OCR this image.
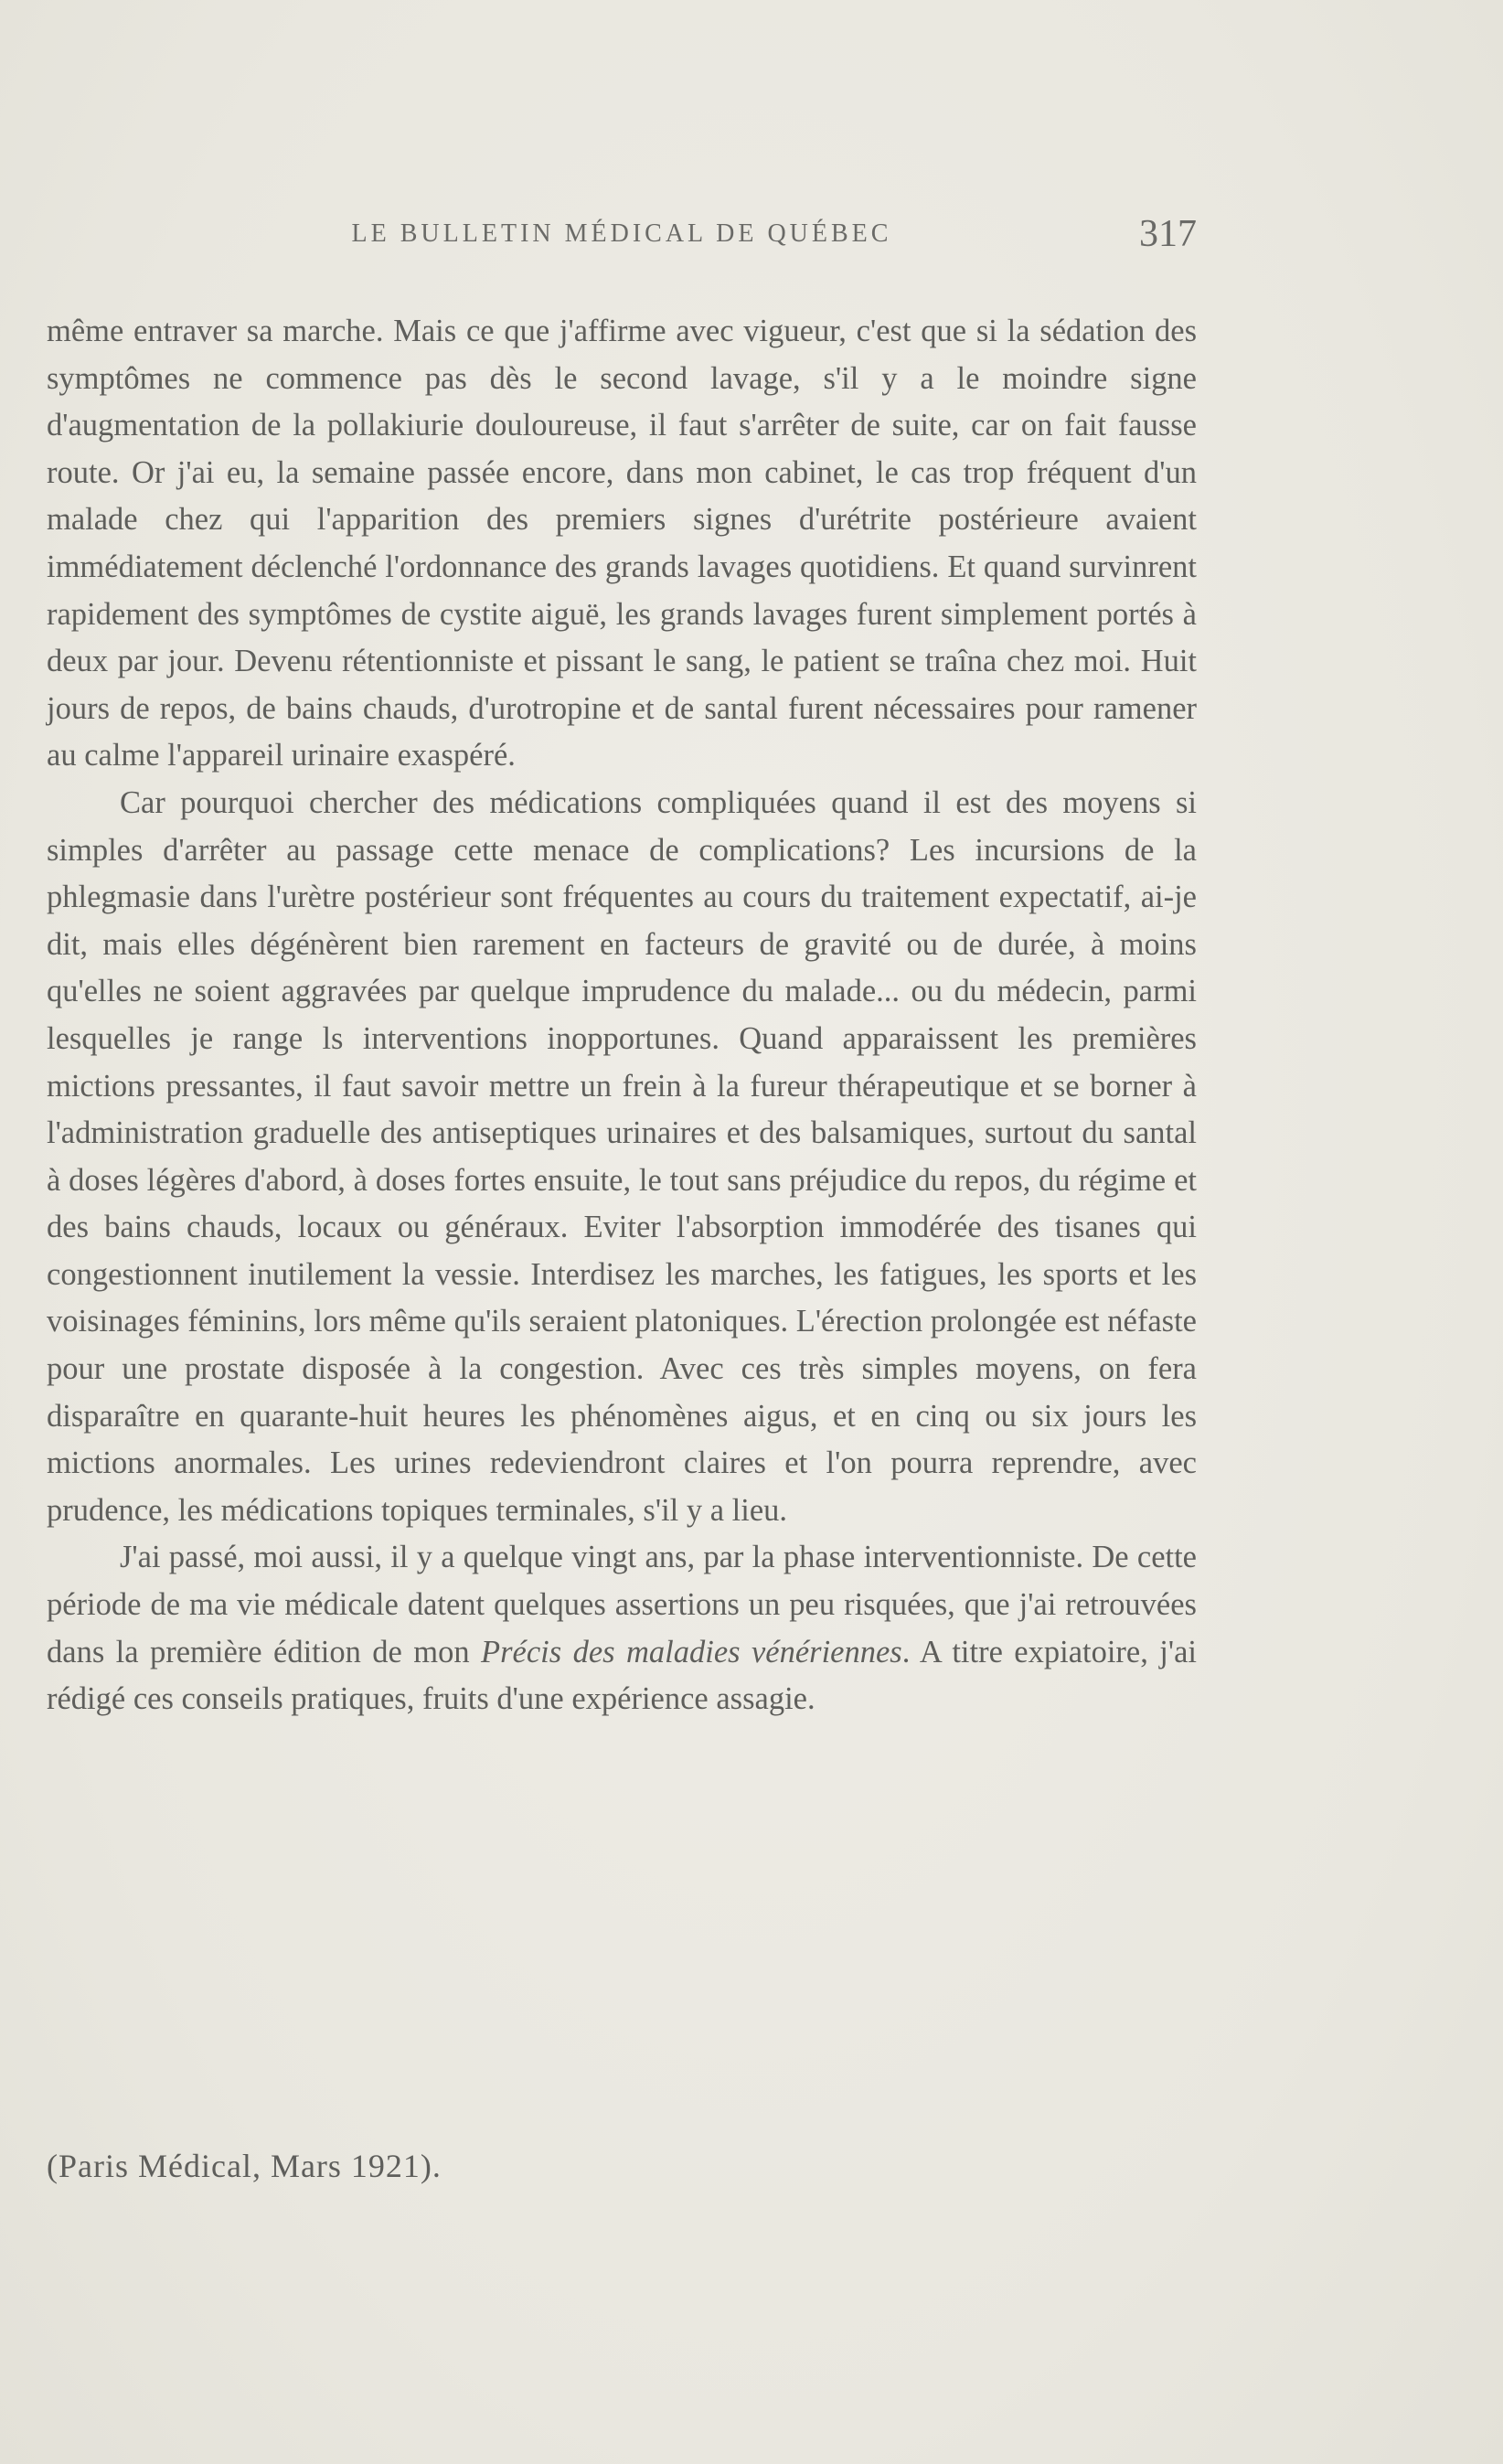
LE BULLETIN MÉDICAL DE QUÉBEC	317

même entraver sa marche. Mais ce que j'affirme avec vigueur, c'est que si la sédation des symptômes ne commence pas dès le second lavage, s'il y a le moindre signe d'augmentation de la pollakiurie douloureuse, il faut s'arrêter de suite, car on fait fausse route. Or j'ai eu, la semaine passée encore, dans mon cabinet, le cas trop fréquent d'un malade chez qui l'apparition des premiers signes d'urétrite postérieure avaient immédiatement déclenché l'ordonnance des grands lavages quotidiens. Et quand survinrent rapidement des symptômes de cystite aiguë, les grands lavages furent simplement portés à deux par jour. Devenu rétentionniste et pissant le sang, le patient se traîna chez moi. Huit jours de repos, de bains chauds, d'urotropine et de santal furent nécessaires pour ramener au calme l'appareil urinaire exaspéré.

Car pourquoi chercher des médications compliquées quand il est des moyens si simples d'arrêter au passage cette menace de complications? Les incursions de la phlegmasie dans l'urètre postérieur sont fréquentes au cours du traitement expectatif, ai-je dit, mais elles dégénèrent bien rarement en facteurs de gravité ou de durée, à moins qu'elles ne soient aggravées par quelque imprudence du malade... ou du médecin, parmi lesquelles je range ls interventions inopportunes. Quand apparaissent les premières mictions pressantes, il faut savoir mettre un frein à la fureur thérapeutique et se borner à l'administration graduelle des antiseptiques urinaires et des balsamiques, surtout du santal à doses légères d'abord, à doses fortes ensuite, le tout sans préjudice du repos, du régime et des bains chauds, locaux ou généraux. Eviter l'absorption immodérée des tisanes qui congestionnent inutilement la vessie. Interdisez les marches, les fatigues, les sports et les voisinages féminins, lors même qu'ils seraient platoniques. L'érection prolongée est néfaste pour une prostate disposée à la congestion. Avec ces très simples moyens, on fera disparaître en quarante-huit heures les phénomènes aigus, et en cinq ou six jours les mictions anormales. Les urines redeviendront claires et l'on pourra reprendre, avec prudence, les médications topiques terminales, s'il y a lieu.

J'ai passé, moi aussi, il y a quelque vingt ans, par la phase interventionniste. De cette période de ma vie médicale datent quelques assertions un peu risquées, que j'ai retrouvées dans la première édition de mon Précis des maladies vénériennes. A titre expiatoire, j'ai rédigé ces conseils pratiques, fruits d'une expérience assagie.

(Paris Médical, Mars 1921).
